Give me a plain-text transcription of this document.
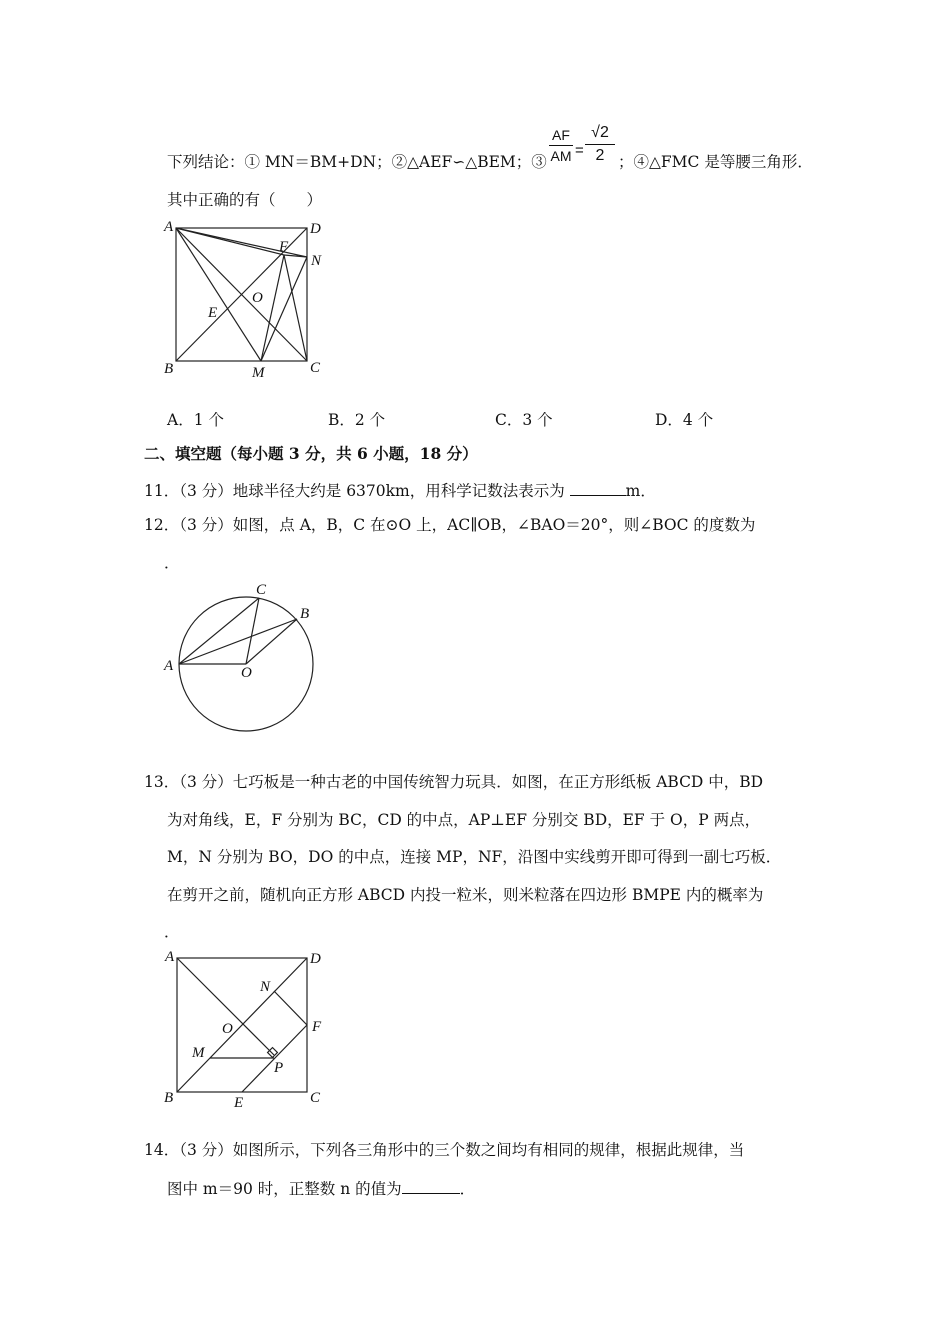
下列结论：① MN＝BM+DN；②△AEF∽△BEM；③
AF
AM =
√2
2 ；④△FMC 是等腰三角形．
其中正确的有（　　）
A	D
F
N
O
E
B	M	C
A．1 个	B．2 个	C．3 个	D．4 个
二、填空题（每小题 3 分，共 6 小题，18 分）
11．（3 分）地球半径大约是 6370km，用科学记数法表示为	m．
12．（3 分）如图，点 A，B，C 在⊙O 上，AC∥OB，∠BAO＝20°，则∠BOC 的度数为
．
A
B
C
O
13．（3 分）七巧板是一种古老的中国传统智力玩具．如图，在正方形纸板 ABCD 中，BD
为对角线，E，F 分别为 BC，CD 的中点，AP⊥EF 分别交 BD，EF 于 O，P 两点，
M，N 分别为 BO，DO 的中点，连接 MP，NF，沿图中实线剪开即可得到一副七巧板．
在剪开之前，随机向正方形 ABCD 内投一粒米，则米粒落在四边形 BMPE 内的概率为
．
A	D
N
F
O
M
P
B	E	C
14．（3 分）如图所示，下列各三角形中的三个数之间均有相同的规律，根据此规律，当
图中 m＝90 时，正整数 n 的值为	．
